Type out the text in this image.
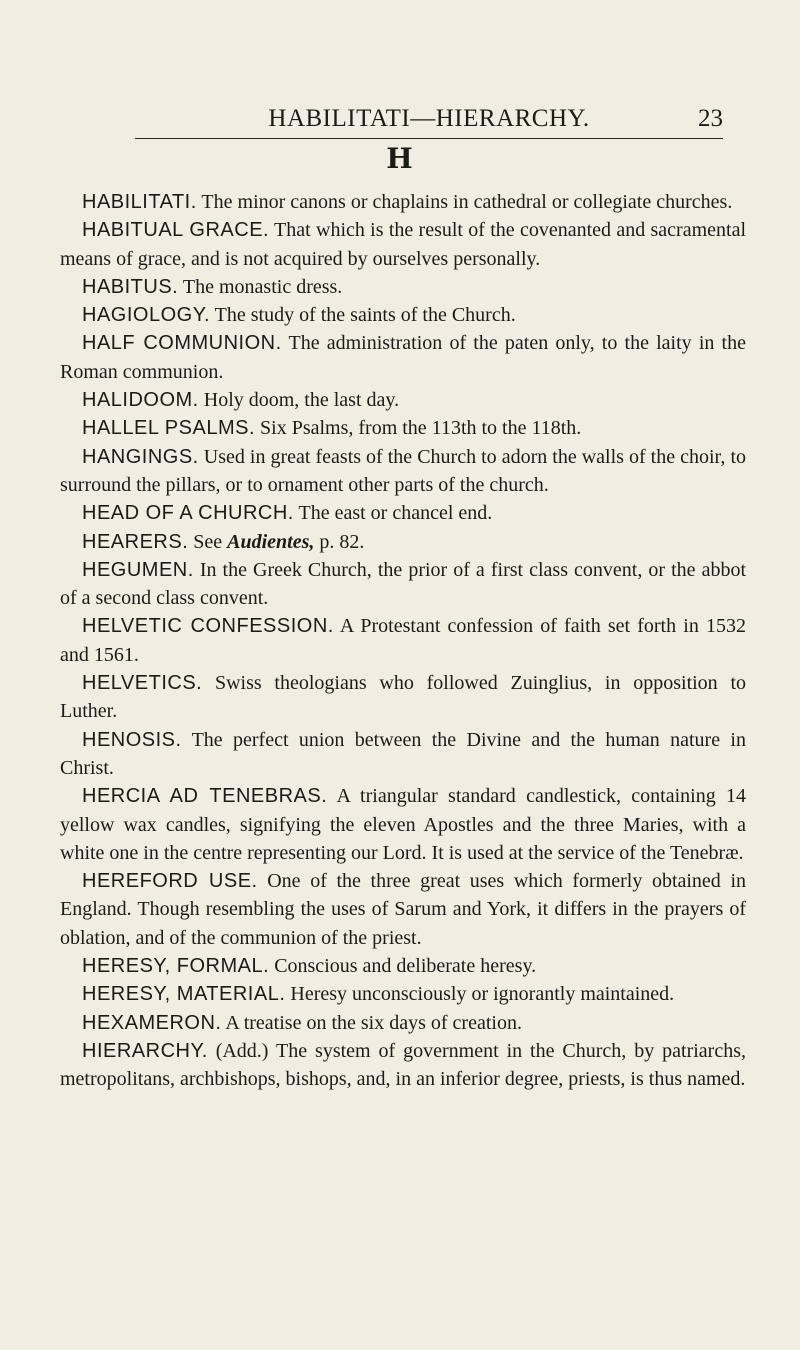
HABILITATI—HIERARCHY.	23
H

HABILITATI. The minor canons or chaplains in cathedral or collegiate churches.

HABITUAL GRACE. That which is the result of the covenanted and sacramental means of grace, and is not acquired by ourselves personally.

HABITUS. The monastic dress.

HAGIOLOGY. The study of the saints of the Church.

HALF COMMUNION. The administration of the paten only, to the laity in the Roman communion.

HALIDOOM. Holy doom, the last day.

HALLEL PSALMS. Six Psalms, from the 113th to the 118th.

HANGINGS. Used in great feasts of the Church to adorn the walls of the choir, to surround the pillars, or to ornament other parts of the church.

HEAD OF A CHURCH. The east or chancel end.

HEARERS. See Audientes, p. 82.

HEGUMEN. In the Greek Church, the prior of a first class convent, or the abbot of a second class convent.

HELVETIC CONFESSION. A Protestant confession of faith set forth in 1532 and 1561.

HELVETICS. Swiss theologians who followed Zuinglius, in opposition to Luther.

HENOSIS. The perfect union between the Divine and the human nature in Christ.

HERCIA AD TENEBRAS. A triangular standard candlestick, containing 14 yellow wax candles, signifying the eleven Apostles and the three Maries, with a white one in the centre representing our Lord. It is used at the service of the Tenebræ.

HEREFORD USE. One of the three great uses which formerly obtained in England. Though resembling the uses of Sarum and York, it differs in the prayers of oblation, and of the communion of the priest.

HERESY, FORMAL. Conscious and deliberate heresy.

HERESY, MATERIAL. Heresy unconsciously or ignorantly maintained.

HEXAMERON. A treatise on the six days of creation.

HIERARCHY. (Add.) The system of government in the Church, by patriarchs, metropolitans, archbishops, bishops, and, in an inferior degree, priests, is thus named.
